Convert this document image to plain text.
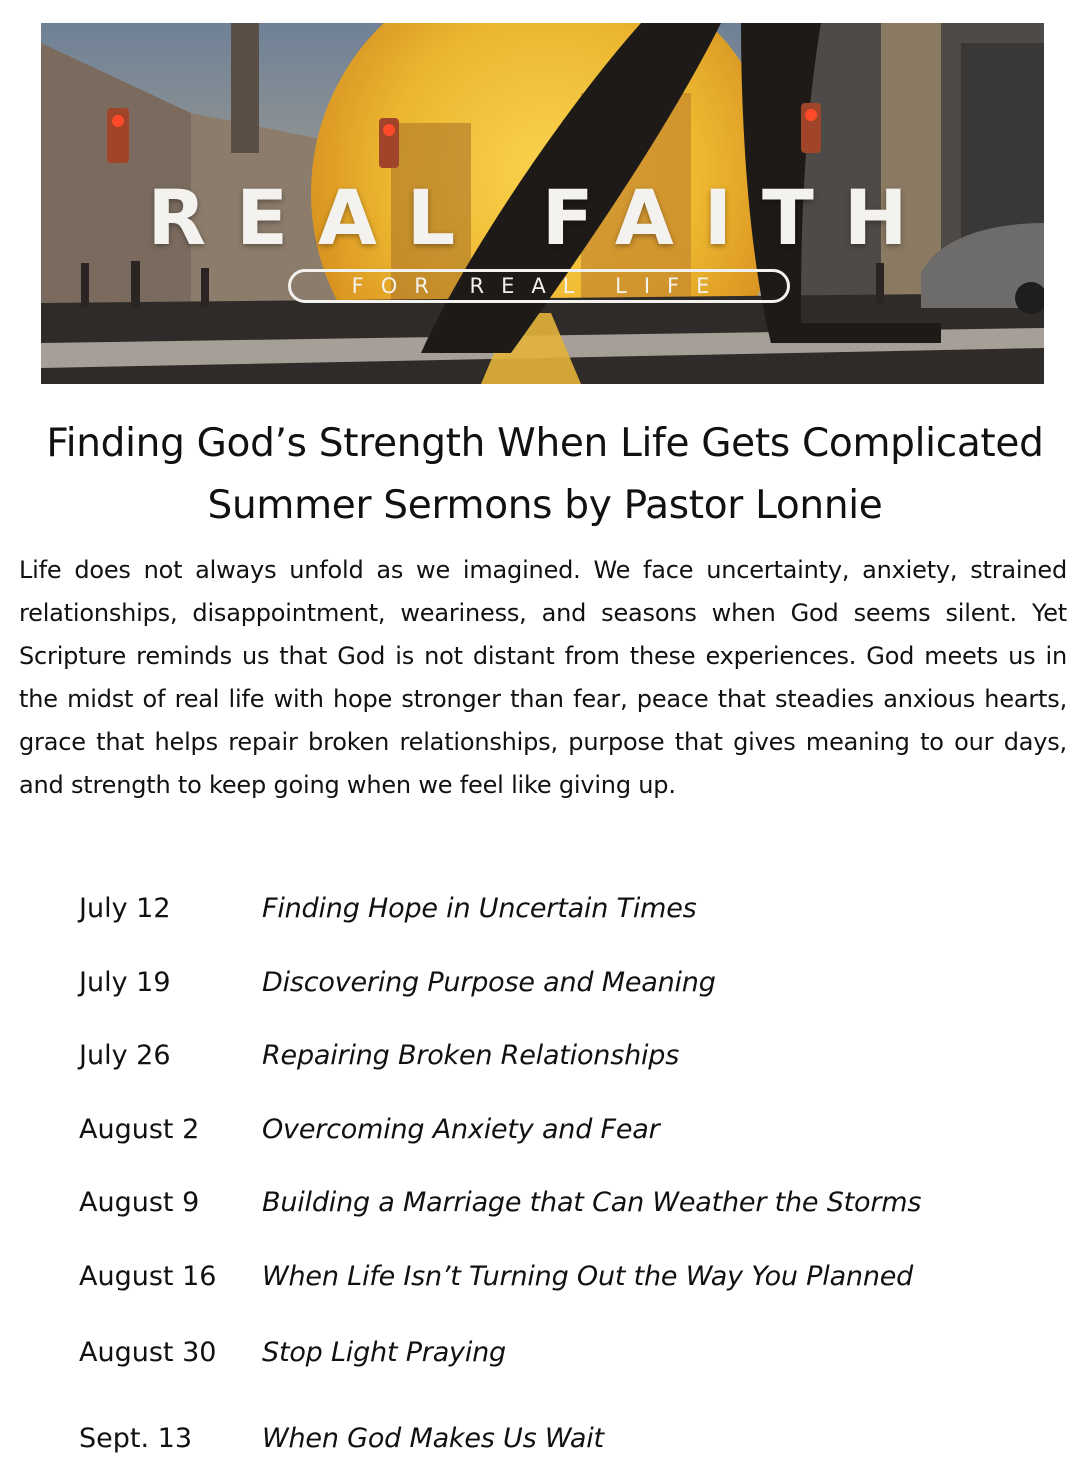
REAL FAITH
FOR REAL LIFE
Finding God’s Strength When Life Gets Complicated
Summer Sermons by Pastor Lonnie

Life does not always unfold as we imagined. We face uncertainty, anxiety, strained relationships, disappointment, weariness, and seasons when God seems silent. Yet Scripture reminds us that God is not distant from these experiences. God meets us in the midst of real life with hope stronger than fear, peace that steadies anxious hearts, grace that helps repair broken relationships, purpose that gives meaning to our days, and strength to keep going when we feel like giving up.

July 12	Finding Hope in Uncertain Times
July 19	Discovering Purpose and Meaning
July 26	Repairing Broken Relationships
August 2 Overcoming Anxiety and Fear
August 9 Building a Marriage that Can Weather the Storms
August 16 When Life Isn’t Turning Out the Way You Planned
August 30 Stop Light Praying
Sept. 13	When God Makes Us Wait
